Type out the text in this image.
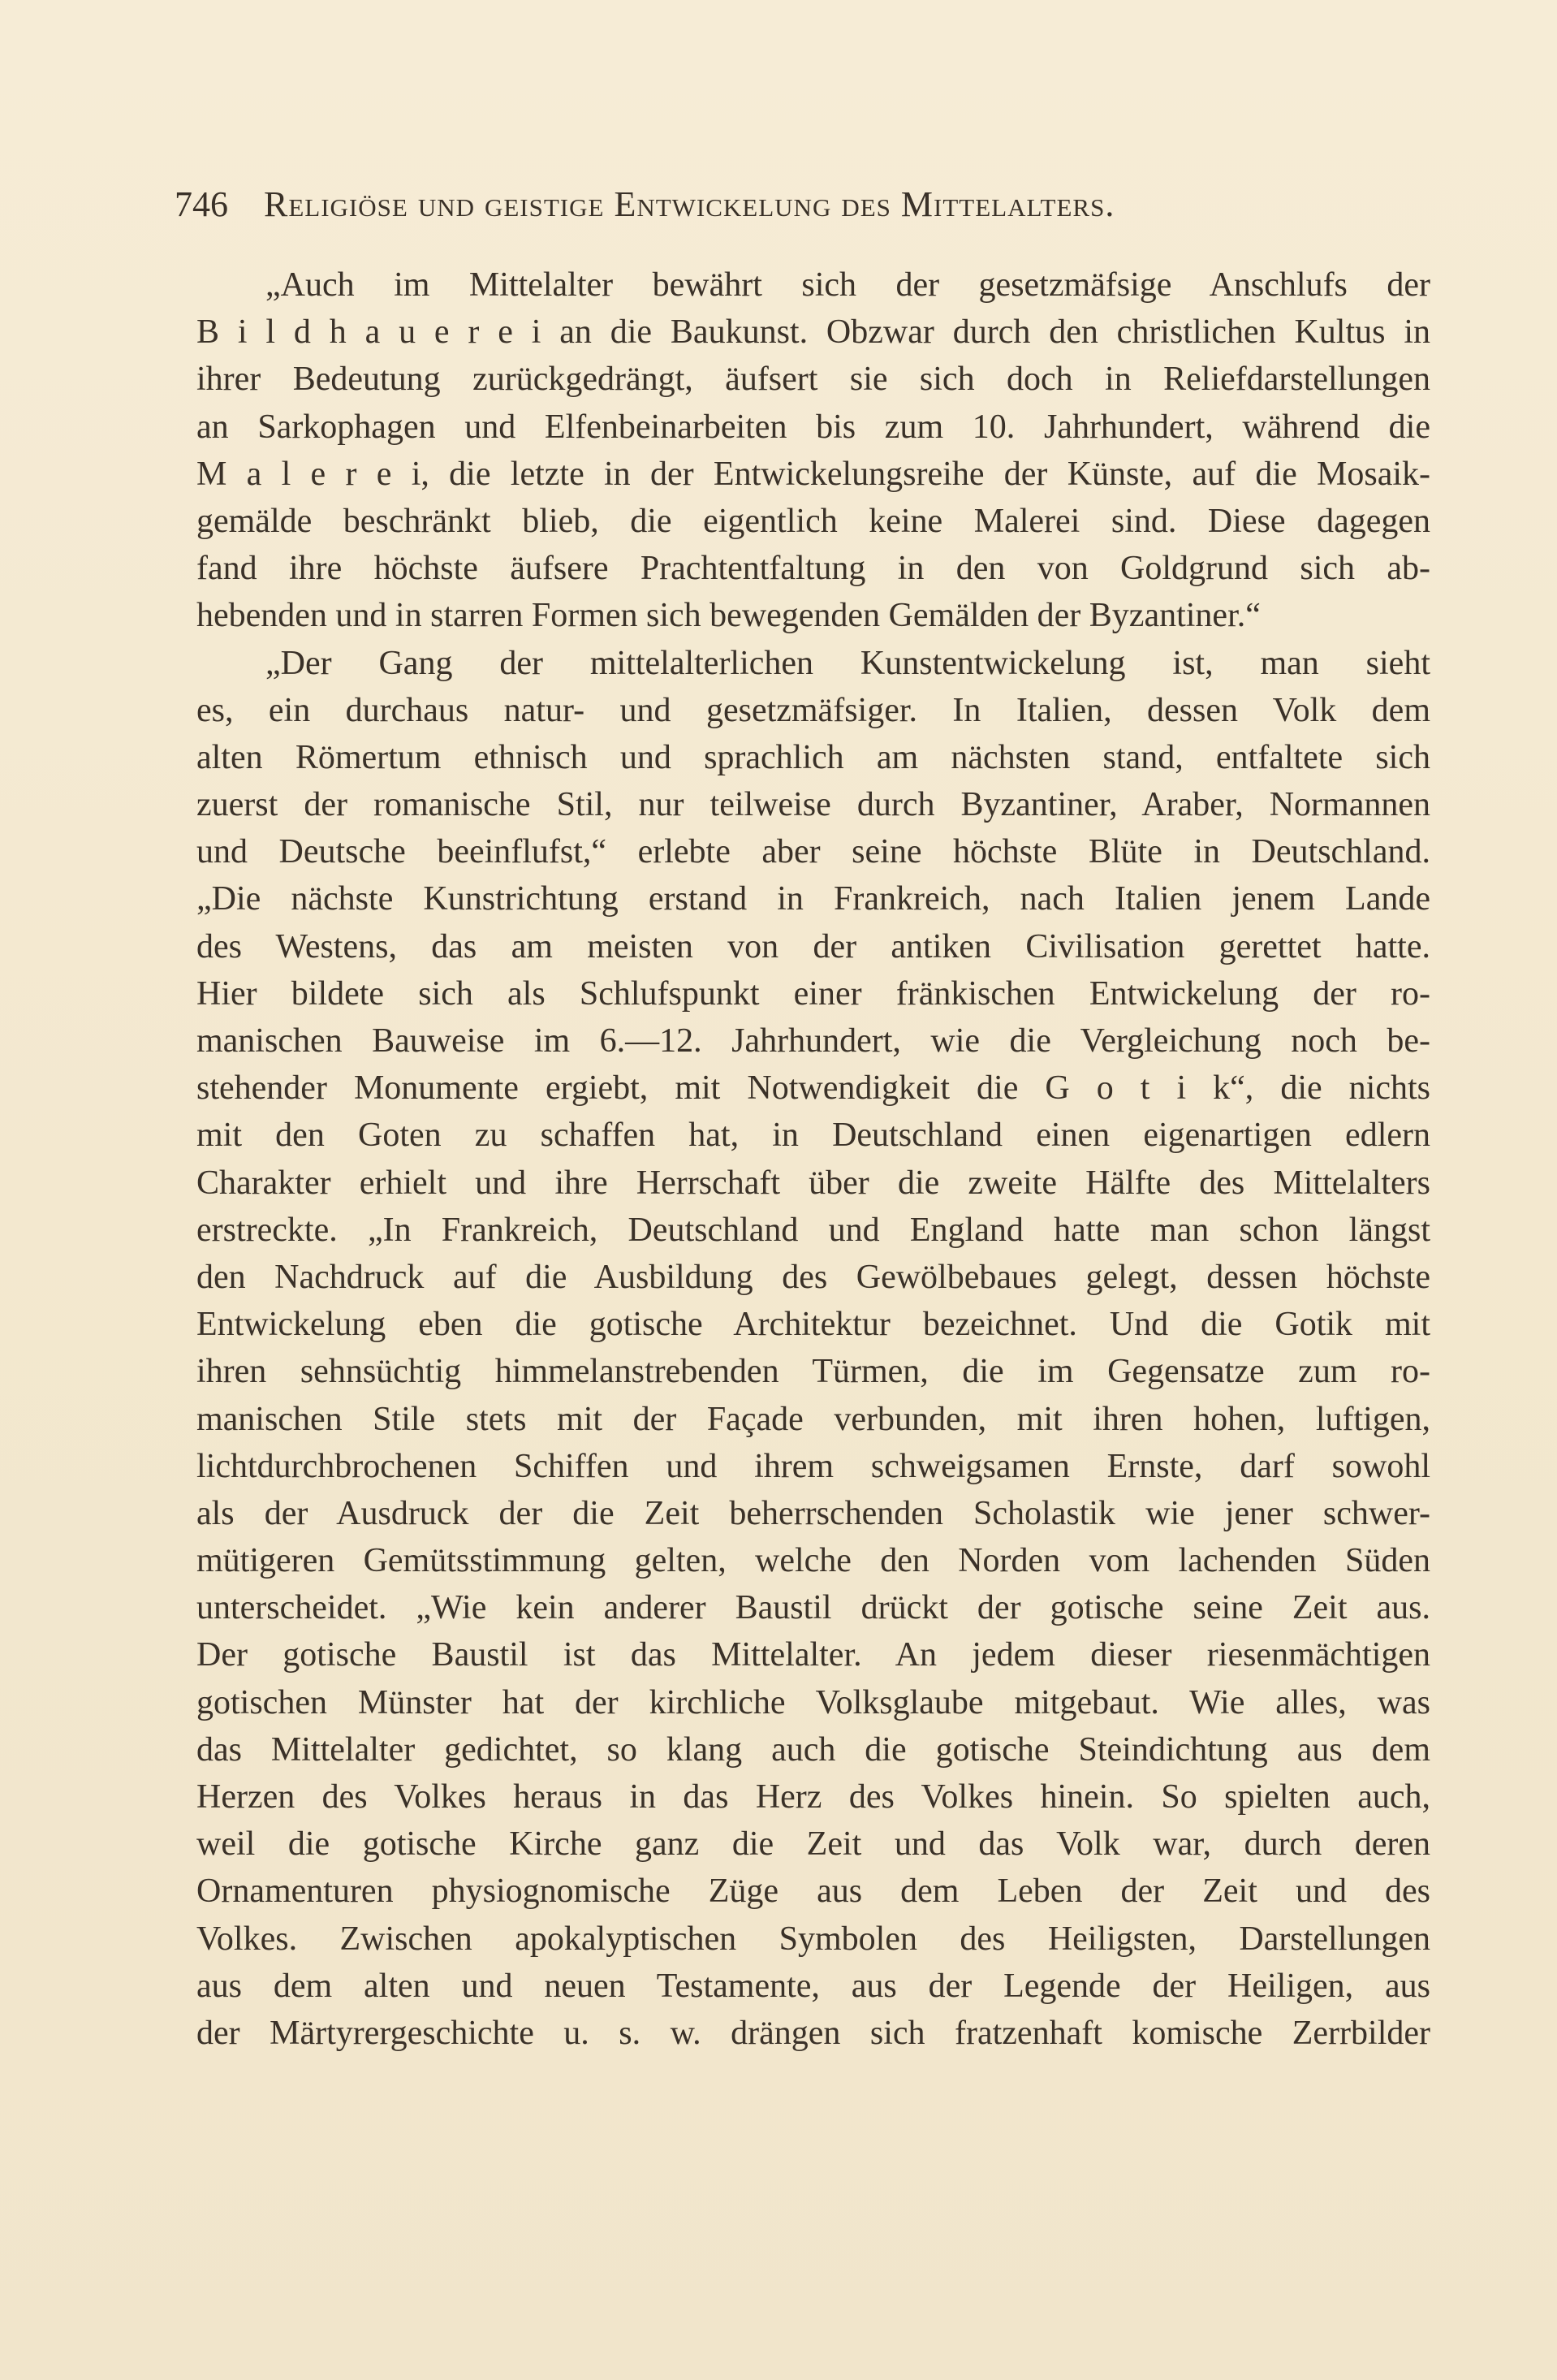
746 Religiöse und geistige Entwickelung des Mittelalters.
„Auch im Mittelalter bewährt sich der gesetzmäfsige Anschlufs der
B i l d h a u e r e i an die Baukunst. Obzwar durch den christlichen Kultus in
ihrer Bedeutung zurückgedrängt, äufsert sie sich doch in Reliefdarstellungen
an Sarkophagen und Elfenbeinarbeiten bis zum 10. Jahrhundert, während die
M a l e r e i, die letzte in der Entwickelungsreihe der Künste, auf die Mosaik-
gemälde beschränkt blieb, die eigentlich keine Malerei sind. Diese dagegen
fand ihre höchste äufsere Prachtentfaltung in den von Goldgrund sich ab-
hebenden und in starren Formen sich bewegenden Gemälden der Byzantiner.“
„Der Gang der mittelalterlichen Kunstentwickelung ist, man sieht
es, ein durchaus natur- und gesetzmäfsiger. In Italien, dessen Volk dem
alten Römertum ethnisch und sprachlich am nächsten stand, entfaltete sich
zuerst der romanische Stil, nur teilweise durch Byzantiner, Araber, Normannen
und Deutsche beeinflufst,“ erlebte aber seine höchste Blüte in Deutschland.
„Die nächste Kunstrichtung erstand in Frankreich, nach Italien jenem Lande
des Westens, das am meisten von der antiken Civilisation gerettet hatte.
Hier bildete sich als Schlufspunkt einer fränkischen Entwickelung der ro-
manischen Bauweise im 6.—12. Jahrhundert, wie die Vergleichung noch be-
stehender Monumente ergiebt, mit Notwendigkeit die G o t i k“, die nichts
mit den Goten zu schaffen hat, in Deutschland einen eigenartigen edlern
Charakter erhielt und ihre Herrschaft über die zweite Hälfte des Mittelalters
erstreckte. „In Frankreich, Deutschland und England hatte man schon längst
den Nachdruck auf die Ausbildung des Gewölbebaues gelegt, dessen höchste
Entwickelung eben die gotische Architektur bezeichnet. Und die Gotik mit
ihren sehnsüchtig himmelanstrebenden Türmen, die im Gegensatze zum ro-
manischen Stile stets mit der Façade verbunden, mit ihren hohen, luftigen,
lichtdurchbrochenen Schiffen und ihrem schweigsamen Ernste, darf sowohl
als der Ausdruck der die Zeit beherrschenden Scholastik wie jener schwer-
mütigeren Gemütsstimmung gelten, welche den Norden vom lachenden Süden
unterscheidet. „Wie kein anderer Baustil drückt der gotische seine Zeit aus.
Der gotische Baustil ist das Mittelalter. An jedem dieser riesenmächtigen
gotischen Münster hat der kirchliche Volksglaube mitgebaut. Wie alles, was
das Mittelalter gedichtet, so klang auch die gotische Steindichtung aus dem
Herzen des Volkes heraus in das Herz des Volkes hinein. So spielten auch,
weil die gotische Kirche ganz die Zeit und das Volk war, durch deren
Ornamenturen physiognomische Züge aus dem Leben der Zeit und des
Volkes. Zwischen apokalyptischen Symbolen des Heiligsten, Darstellungen
aus dem alten und neuen Testamente, aus der Legende der Heiligen, aus
der Märtyrergeschichte u. s. w. drängen sich fratzenhaft komische Zerrbilder
